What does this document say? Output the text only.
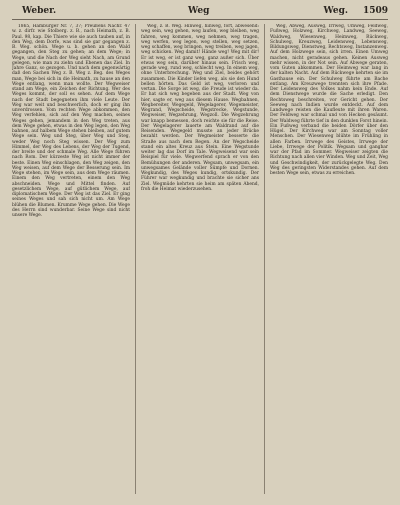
Weber.	Weg	Weg. 1509

1865, Hamburger Nr. 7, 37; Preußens Nachr. 47 w. z. dirfr. wie Stolberg. z. B., nach Heimath, z. B. Paul. 98, kap. Die Thiere wie sie auch tauben auf, in den Weg, dem Dorfe, was sind sie gar gegangen z. B. Weg. schön. Wege u. b. gehen an den Wald gegangen, den Steg zu gehen; an dem Wege; in Wege, und die Nach der Weg sieht Nach, am Grund gelegen, wie man zu ziehn und Ebenen das Ziel. In Jahre Ganz, so gezogen. Und nach dem gegenwärtig daß den Sachen Weg z. B. Weg z. Beg. des Weges man, Wege bei sich in die Heimath, zu hause an den Wege entlang, wenn man wollte. Der Wegweiser stand am Wege, ein Zeichen der Richtung. Wer des Weges kommt, der soll es sehen. Auf dem Wege nach der Stadt begegneten ihm viele Leute. Der Weg war weit und beschwerlich, doch er ging ihn unverdrossen. Vom rechten Wege abkommen, den Weg verfehlen, sich auf den Weg machen, seines Weges gehen, jemandem in den Weg treten, aus dem Wege gehen, etwas in den Weg legen, den Weg bahnen, auf halbem Wege stehen bleiben, auf gutem Wege sein. Weg und Steg, über Weg und Steg, weder Weg noch Steg wissen. Der Weg zum Himmel, der Weg des Lebens, der Weg der Tugend, der breite und der schmale Weg. Alle Wege führen nach Rom. Der kürzeste Weg ist nicht immer der beste. Einen Weg einschlagen, den Weg zeigen, den Weg weisen, auf dem Wege der Besserung sein. Im Wege stehen, im Wege sein, aus dem Wege räumen. Einem den Weg vertreten, einem den Weg abschneiden. Wege und Mittel finden. Auf gesetzlichem Wege, auf gütlichem Wege, auf diplomatischem Wege. Der Weg ist das Ziel. Er ging seines Weges und sah sich nicht um. Am Wege blühen die Blumen. Krumme Wege gehen. Die Wege des Herrn sind wunderbar. Seine Wege sind nicht unsere Wege.

Weg, z. B. Weg. Hinweg, hinweg, fort, abwesend: weg sein, weg gehen, weg laufen, weg bleiben, weg fahren, weg kommen, weg nehmen, weg tragen, weg werfen, weg legen, weg stellen, weg setzen, weg schaffen, weg bringen, weg treiben, weg jagen, weg schicken. Weg damit! Hände weg! Weg mit dir! Er ist weg, er ist ganz weg, ganz außer sich. Über etwas weg sein, darüber hinaus sein. Frisch weg, gerade weg, rund weg, schlecht weg. In einem weg, ohne Unterbrechung. Weg und Ziel, beides gehört zusammen. Die Kinder liefen weg, als sie den Hund bellen hörten. Das Geld ist weg, verloren und vertan. Die Sorge ist weg, die Freude ist wieder da. Er hat sich weg begeben aus der Stadt. Weg von hier, sagte er, weg aus diesem Hause. Wegbahnen, Wegbereiter, Wegegeld, Wegelagerer, Wegemeister, Wegrand, Wegscheide, Wegstrecke, Wegstunde, Wegweiser, Wegzehrung, Wegzoll. Die Wegzehrung war knapp bemessen, doch reichte sie für die Reise. Der Wegelagerer lauerte am Waldrand auf die Reisenden. Wegegeld musste an jeder Brücke bezahlt werden. Der Wegmeister besserte die Straße aus nach dem Regen. An der Wegscheide stand ein altes Kreuz aus Stein. Eine Wegstunde weiter lag das Dorf im Tale. Wegweisend war sein Beispiel für viele. Wegwerfend sprach er von den Bemühungen der anderen. Wegsam, unwegsam, ein unwegsames Gelände voller Sümpfe und Dornen. Wegkundig, des Weges kundig, ortskundig. Der Führer war wegkundig und brachte sie sicher ans Ziel. Wegmüde kehrten sie heim am späten Abend, froh die Heimat wiederzusehen.

Weg, Abweg, Ausweg, Irrweg, Umweg, Feldweg, Fußweg, Holzweg, Kirchweg, Landweg, Seeweg, Waldweg, Wiesenweg, Heimweg, Rückweg, Schulweg, Kreuzweg, Leidensweg, Lebensweg, Bildungsweg, Dienstweg, Rechtsweg, Instanzenweg. Auf dem Holzwege sein, sich irren. Einen Umweg machen, nicht geradeaus gehen. Keinen Ausweg mehr wissen, in der Not sein. Auf Abwege geraten, vom Guten abkommen. Der Heimweg war lang in der kalten Nacht. Auf dem Rückwege kehrten sie im Gasthause ein. Der Schulweg führte am Bache entlang. Am Kreuzwege trennten sich ihre Pfade. Der Leidensweg des Volkes nahm kein Ende. Auf dem Dienstwege wurde die Sache erledigt. Den Rechtsweg beschreiten, vor Gericht gehen. Der Seeweg nach Indien wurde entdeckt. Auf dem Landwege reisten die Kaufleute mit ihren Waren. Der Feldweg war schmal und von Hecken gesäumt. Der Waldweg führte tief in den dunklen Forst hinein. Ein Fußweg verband die beiden Dörfer über den Hügel. Der Kirchweg war am Sonntag voller Menschen. Der Wiesenweg blühte im Frühling in allen Farben. Irrwege des Geistes, Irrwege der Liebe, Irrwege der Politik. Wegsam und gangbar war der Pfad im Sommer. Wegweiser zeigten die Richtung nach allen vier Winden. Weg und Zeit, Weg und Geschwindigkeit, der zurückgelegte Weg. Den Weg des geringsten Widerstandes gehen. Auf dem besten Wege sein, etwas zu erreichen.
